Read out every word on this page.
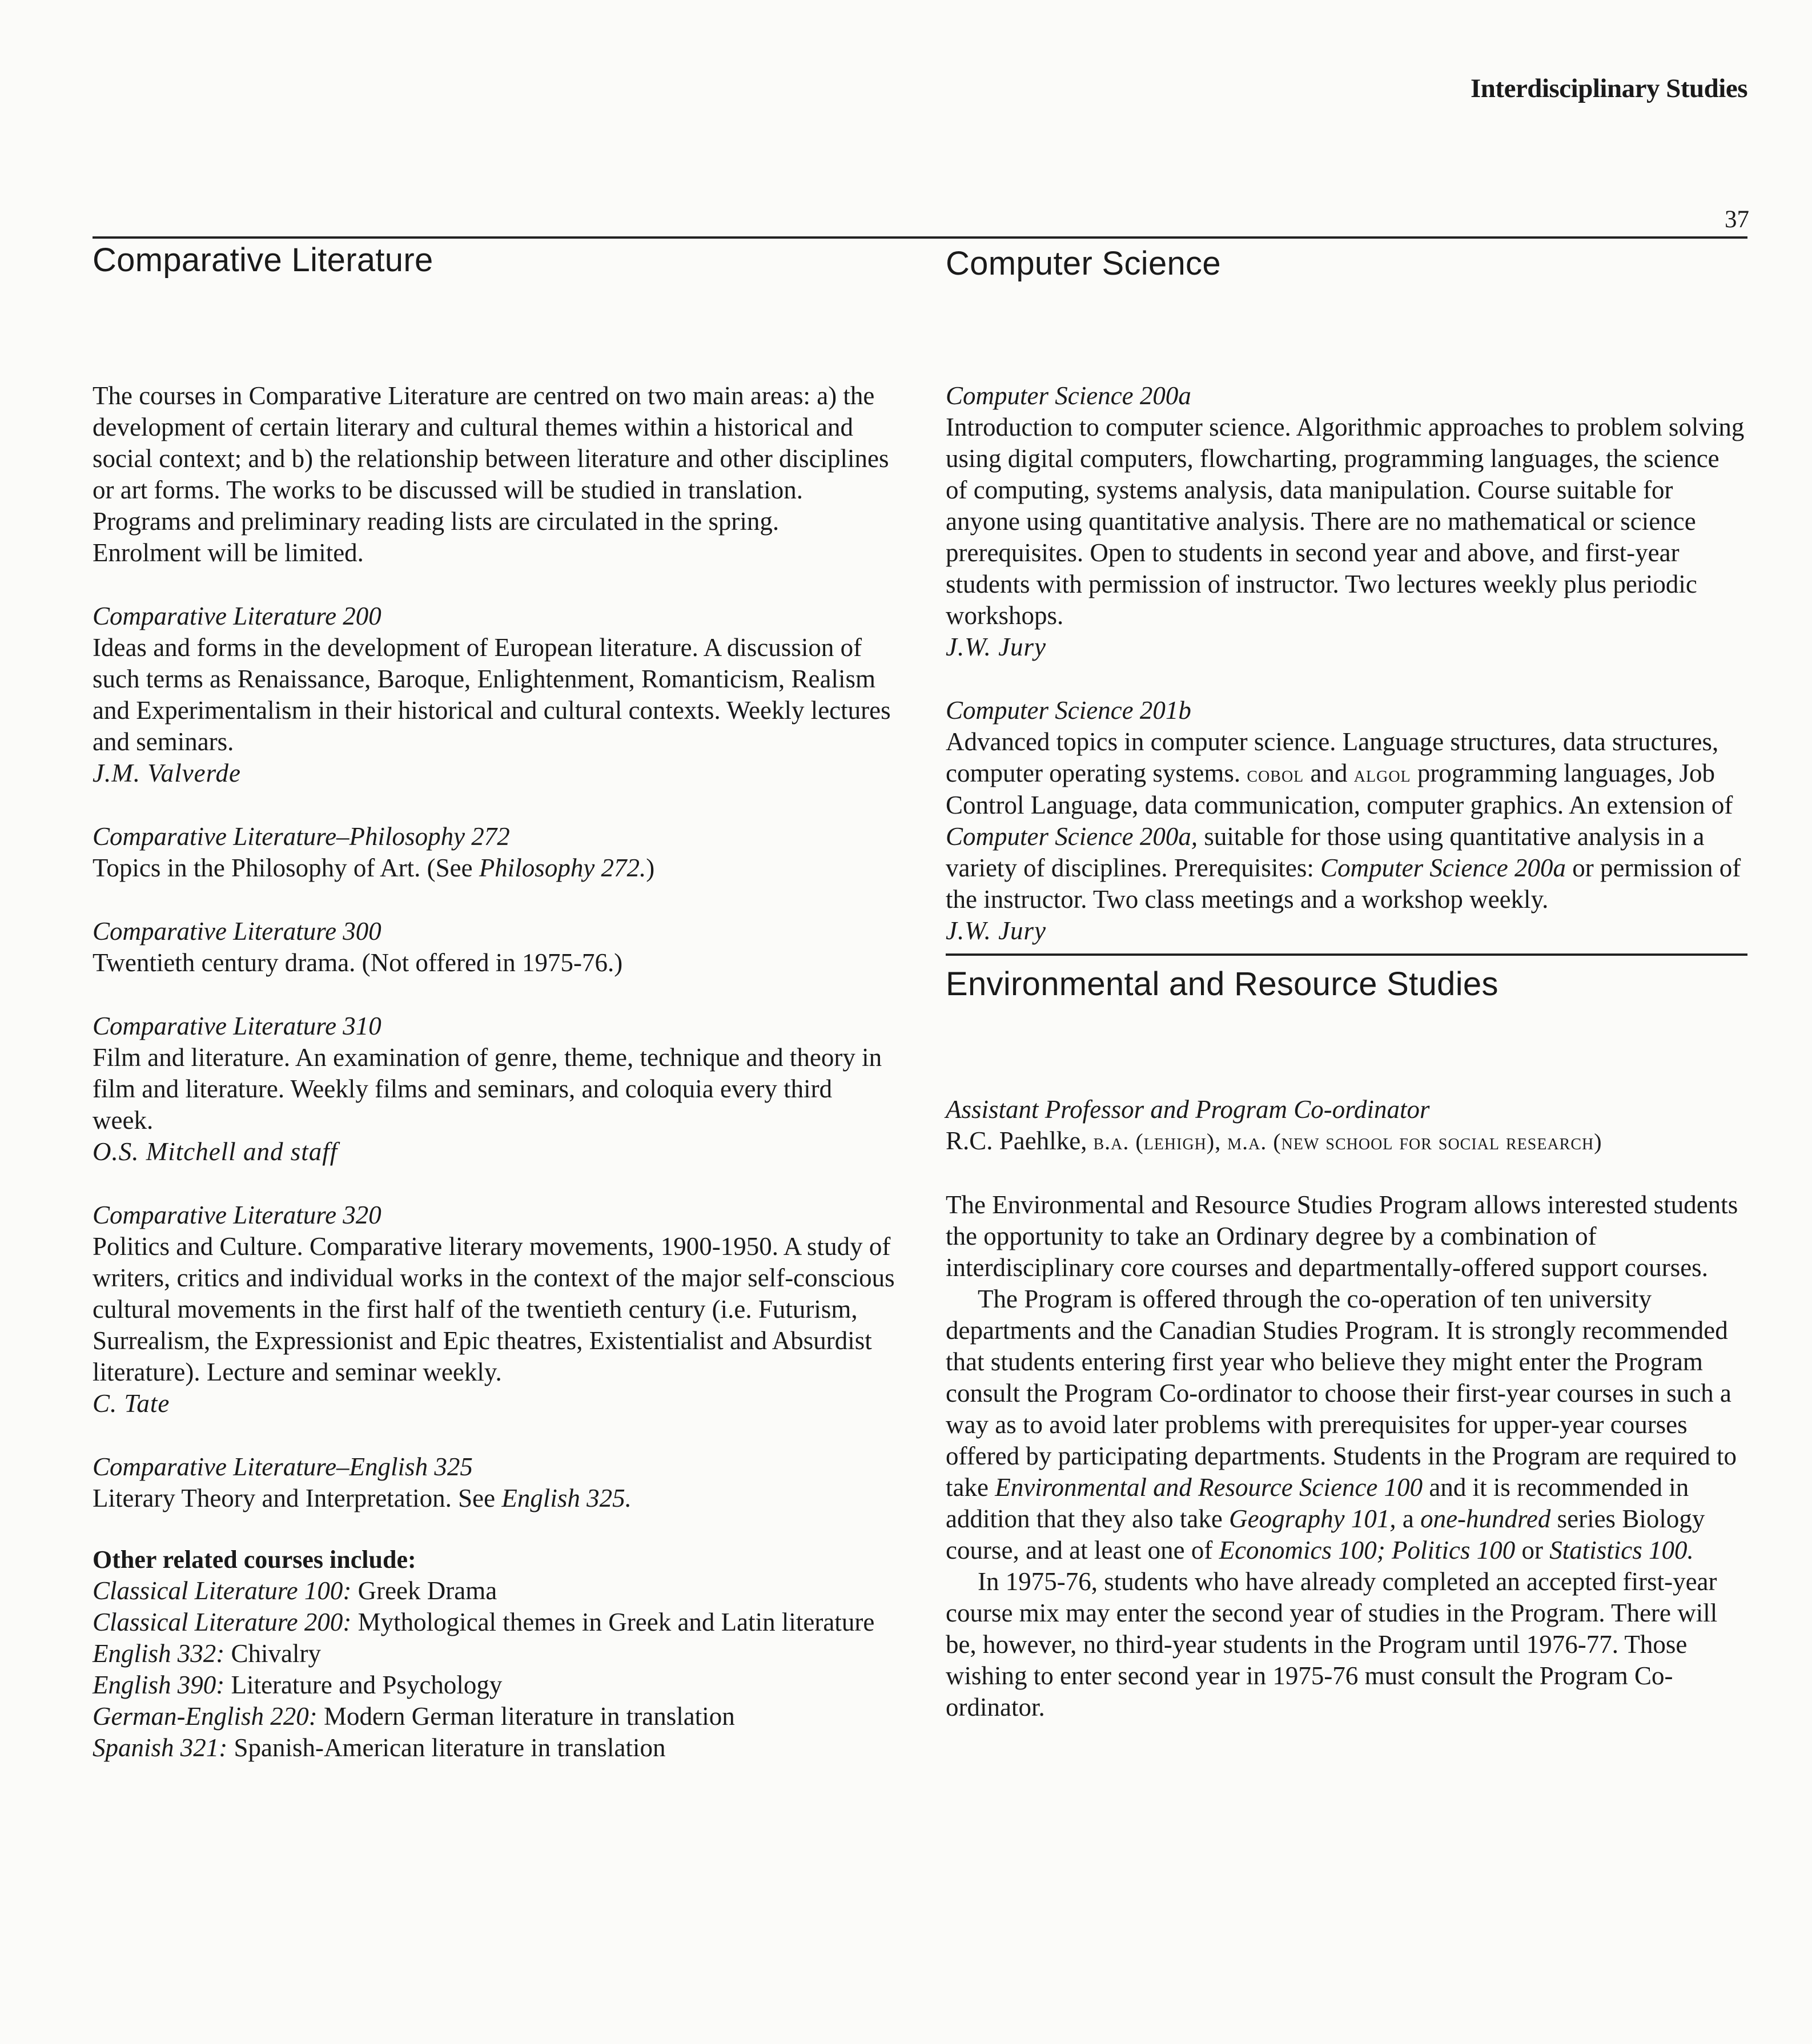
Interdisciplinary Studies
37
Comparative Literature

The courses in Comparative Literature are centred on two main areas: a) the development of certain literary and cultural themes within a historical and social context; and b) the relationship between literature and other disciplines or art forms. The works to be discussed will be studied in translation. Programs and preliminary reading lists are circulated in the spring. Enrolment will be limited.

Comparative Literature 200
Ideas and forms in the development of European literature. A discussion of such terms as Renaissance, Baroque, Enlightenment, Romanticism, Realism and Experimentalism in their historical and cultural contexts. Weekly lectures and seminars.
J.M. Valverde
Comparative Literature–Philosophy 272
Topics in the Philosophy of Art. (See Philosophy 272.)
Comparative Literature 300
Twentieth century drama. (Not offered in 1975-76.)
Comparative Literature 310
Film and literature. An examination of genre, theme, technique and theory in film and literature. Weekly films and seminars, and coloquia every third week.
O.S. Mitchell and staff
Comparative Literature 320
Politics and Culture. Comparative literary movements, 1900-1950. A study of writers, critics and individual works in the context of the major self-conscious cultural movements in the first half of the twentieth century (i.e. Futurism, Surrealism, the Expressionist and Epic theatres, Existentialist and Absurdist literature). Lecture and seminar weekly.
C. Tate
Comparative Literature–English 325
Literary Theory and Interpretation. See English 325.
Other related courses include:
Classical Literature 100: Greek Drama
Classical Literature 200: Mythological themes in Greek and Latin literature
English 332: Chivalry
English 390: Literature and Psychology
German-English 220: Modern German literature in translation
Spanish 321: Spanish-American literature in translation
Computer Science
Computer Science 200a
Introduction to computer science. Algorithmic approaches to problem solving using digital computers, flowcharting, programming languages, the science of computing, systems analysis, data manipulation. Course suitable for anyone using quantitative analysis. There are no mathematical or science prerequisites. Open to students in second year and above, and first-year students with permission of instructor. Two lectures weekly plus periodic workshops.
J.W. Jury
Computer Science 201b
Advanced topics in computer science. Language structures, data structures, computer operating systems. cobol and algol programming languages, Job Control Language, data communication, computer graphics. An extension of Computer Science 200a, suitable for those using quantitative analysis in a variety of disciplines. Prerequisites: Computer Science 200a or permission of the instructor. Two class meetings and a workshop weekly.
J.W. Jury
Environmental and Resource Studies
Assistant Professor and Program Co-ordinator
R.C. Paehlke, b.a. (lehigh), m.a. (new school for social research)

The Environmental and Resource Studies Program allows interested students the opportunity to take an Ordinary degree by a combination of interdisciplinary core courses and departmentally-offered support courses.

The Program is offered through the co-operation of ten university departments and the Canadian Studies Program. It is strongly recommended that students entering first year who believe they might enter the Program consult the Program Co-ordinator to choose their first-year courses in such a way as to avoid later problems with prerequisites for upper-year courses offered by participating departments. Students in the Program are required to take Environmental and Resource Science 100 and it is recommended in addition that they also take Geography 101, a one-hundred series Biology course, and at least one of Economics 100; Politics 100 or Statistics 100.

In 1975-76, students who have already completed an accepted first-year course mix may enter the second year of studies in the Program. There will be, however, no third-year students in the Program until 1976-77. Those wishing to enter second year in 1975-76 must consult the Program Co-ordinator.
